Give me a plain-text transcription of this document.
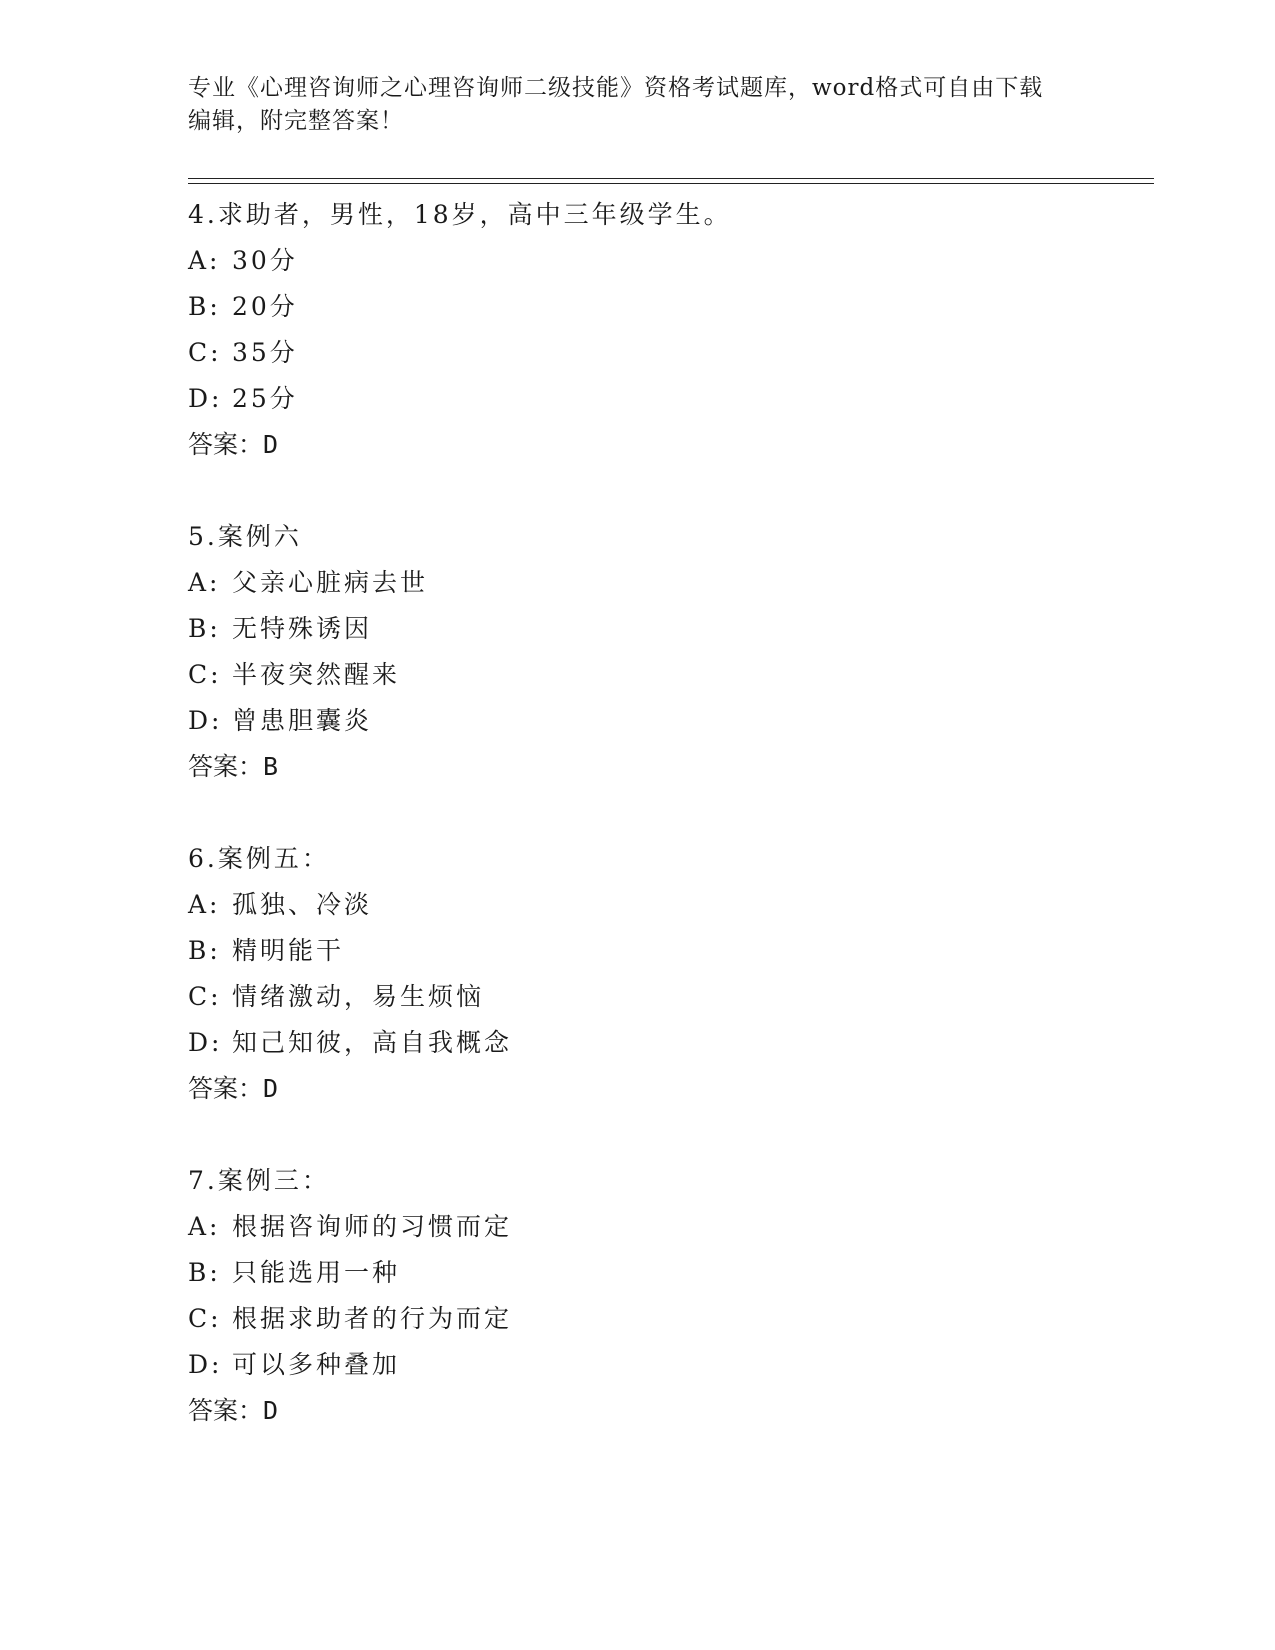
专业《心理咨询师之心理咨询师二级技能》资格考试题库，word格式可自由下载
编辑，附完整答案！
4.求助者，男性，18岁，高中三年级学生。
A: 30分
B: 20分
C: 35分
D: 25分
答案：D
5.案例六
A: 父亲心脏病去世
B: 无特殊诱因
C: 半夜突然醒来
D: 曾患胆囊炎
答案：B
6.案例五：
A: 孤独、冷淡
B: 精明能干
C: 情绪激动，易生烦恼
D: 知己知彼，高自我概念
答案：D
7.案例三：
A: 根据咨询师的习惯而定
B: 只能选用一种
C: 根据求助者的行为而定
D: 可以多种叠加
答案：D
